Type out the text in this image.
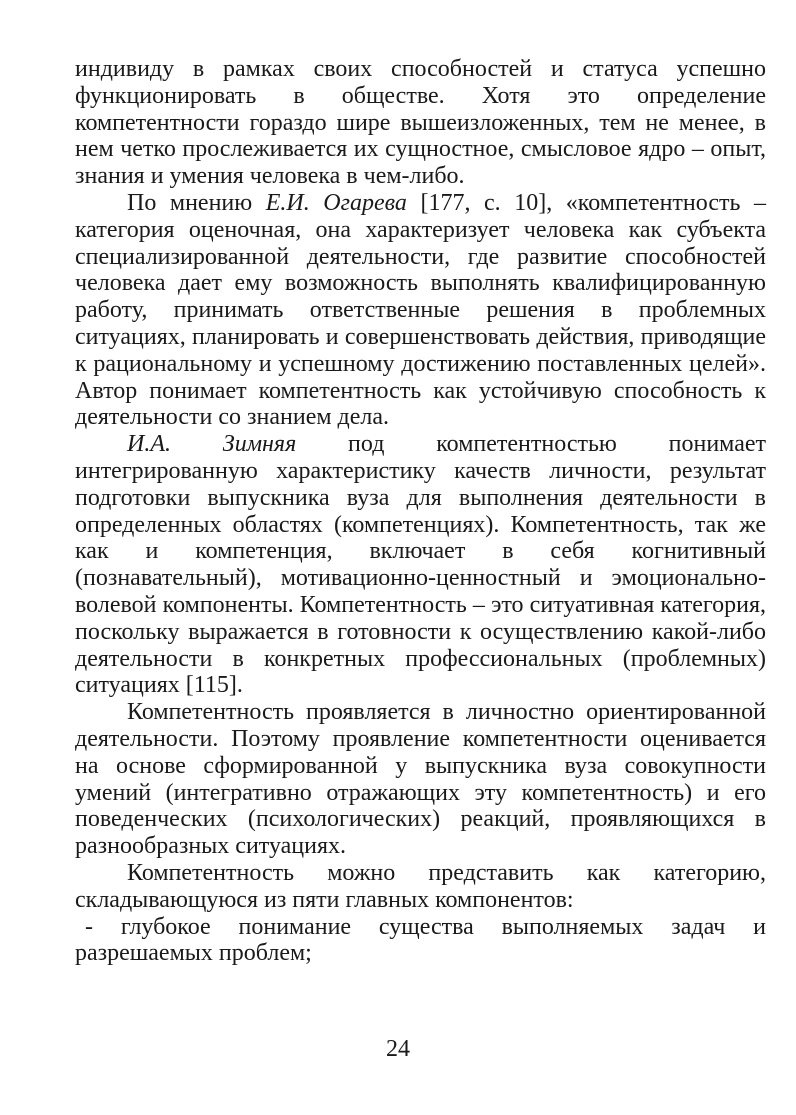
индивиду в рамках своих способностей и статуса успешно функционировать в обществе. Хотя это определение компетентности гораздо шире вышеизложенных, тем не менее, в нем четко прослеживается их сущностное, смысловое ядро – опыт, знания и умения человека в чем-либо.

По мнению Е.И. Огарева [177, с. 10], «компетентность – категория оценочная, она характеризует человека как субъекта специализированной деятельности, где развитие способностей человека дает ему возможность выполнять квалифицированную работу, принимать ответственные решения в проблемных ситуациях, планировать и совершенствовать действия, приводящие к рациональному и успешному достижению поставленных целей». Автор понимает компетентность как устойчивую способность к деятельности со знанием дела.

И.А. Зимняя под компетентностью понимает интегрированную характеристику качеств личности, результат подготовки выпускника вуза для выполнения деятельности в определенных областях (компетенциях). Компетентность, так же как и компетенция, включает в себя когнитивный (познавательный), мотивационно-ценностный и эмоционально-волевой компоненты. Компетентность – это ситуативная категория, поскольку выражается в готовности к осуществлению какой-либо деятельности в конкретных профессиональных (проблемных) ситуациях [115].

Компетентность проявляется в личностно ориентированной деятельности. Поэтому проявление компетентности оценивается на основе сформированной у выпускника вуза совокупности умений (интегративно отражающих эту компетентность) и его поведенческих (психологических) реакций, проявляющихся в разнообразных ситуациях.

Компетентность можно представить как категорию, складывающуюся из пяти главных компонентов:

- глубокое понимание существа выполняемых задач и разрешаемых проблем;

24
